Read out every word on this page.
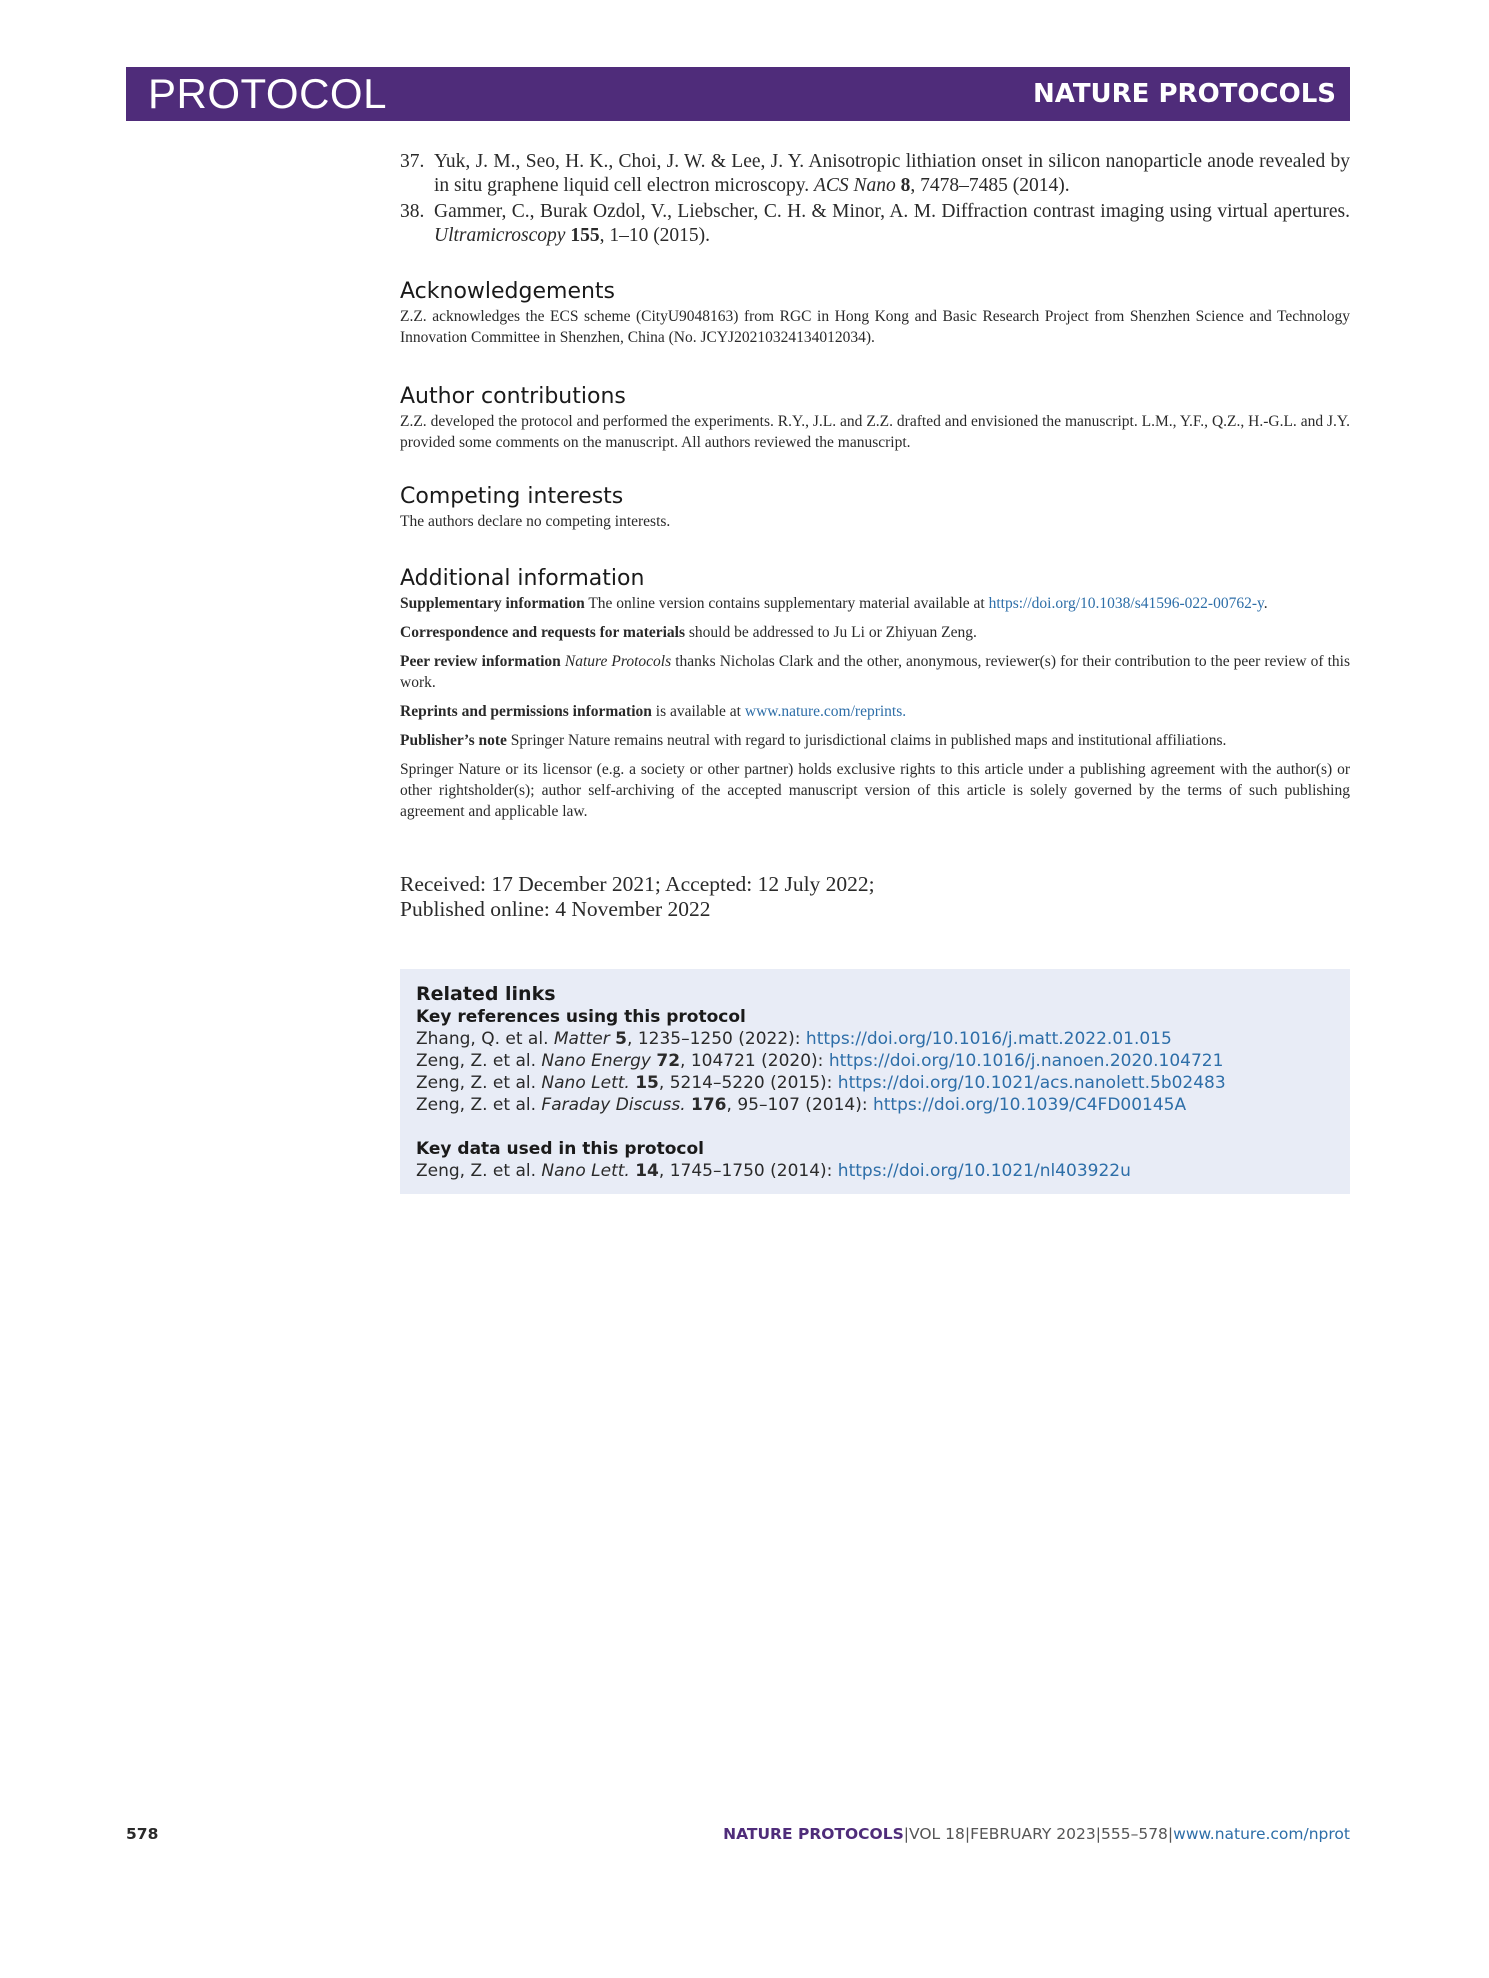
PROTOCOL	NATURE PROTOCOLS
37. Yuk, J. M., Seo, H. K., Choi, J. W. & Lee, J. Y. Anisotropic lithiation onset in silicon nanoparticle anode revealed by in situ graphene liquid cell electron microscopy. ACS Nano 8, 7478–7485 (2014).
38. Gammer, C., Burak Ozdol, V., Liebscher, C. H. & Minor, A. M. Diffraction contrast imaging using virtual apertures. Ultramicroscopy 155, 1–10 (2015).
Acknowledgements

Z.Z. acknowledges the ECS scheme (CityU9048163) from RGC in Hong Kong and Basic Research Project from Shenzhen Science and Technology Innovation Committee in Shenzhen, China (No. JCYJ20210324134012034).

Author contributions

Z.Z. developed the protocol and performed the experiments. R.Y., J.L. and Z.Z. drafted and envisioned the manuscript. L.M., Y.F., Q.Z., H.-G.L. and J.Y. provided some comments on the manuscript. All authors reviewed the manuscript.

Competing interests

The authors declare no competing interests.

Additional information

Supplementary information The online version contains supplementary material available at https://doi.org/10.1038/s41596-022-00762-y.

Correspondence and requests for materials should be addressed to Ju Li or Zhiyuan Zeng.

Peer review information Nature Protocols thanks Nicholas Clark and the other, anonymous, reviewer(s) for their contribution to the peer review of this work.

Reprints and permissions information is available at www.nature.com/reprints.

Publisher’s note Springer Nature remains neutral with regard to jurisdictional claims in published maps and institutional affiliations.

Springer Nature or its licensor (e.g. a society or other partner) holds exclusive rights to this article under a publishing agreement with the author(s) or other rightsholder(s); author self-archiving of the accepted manuscript version of this article is solely governed by the terms of such publishing agreement and applicable law.

Received: 17 December 2021; Accepted: 12 July 2022;
Published online: 4 November 2022
Related links
Key references using this protocol
Zhang, Q. et al. Matter 5, 1235–1250 (2022): https://doi.org/10.1016/j.matt.2022.01.015
Zeng, Z. et al. Nano Energy 72, 104721 (2020): https://doi.org/10.1016/j.nanoen.2020.104721
Zeng, Z. et al. Nano Lett. 15, 5214–5220 (2015): https://doi.org/10.1021/acs.nanolett.5b02483
Zeng, Z. et al. Faraday Discuss. 176, 95–107 (2014): https://doi.org/10.1039/C4FD00145A
Key data used in this protocol
Zeng, Z. et al. Nano Lett. 14, 1745–1750 (2014): https://doi.org/10.1021/nl403922u
578	NATURE PROTOCOLS|VOL 18|FEBRUARY 2023|555–578|www.nature.com/nprot
